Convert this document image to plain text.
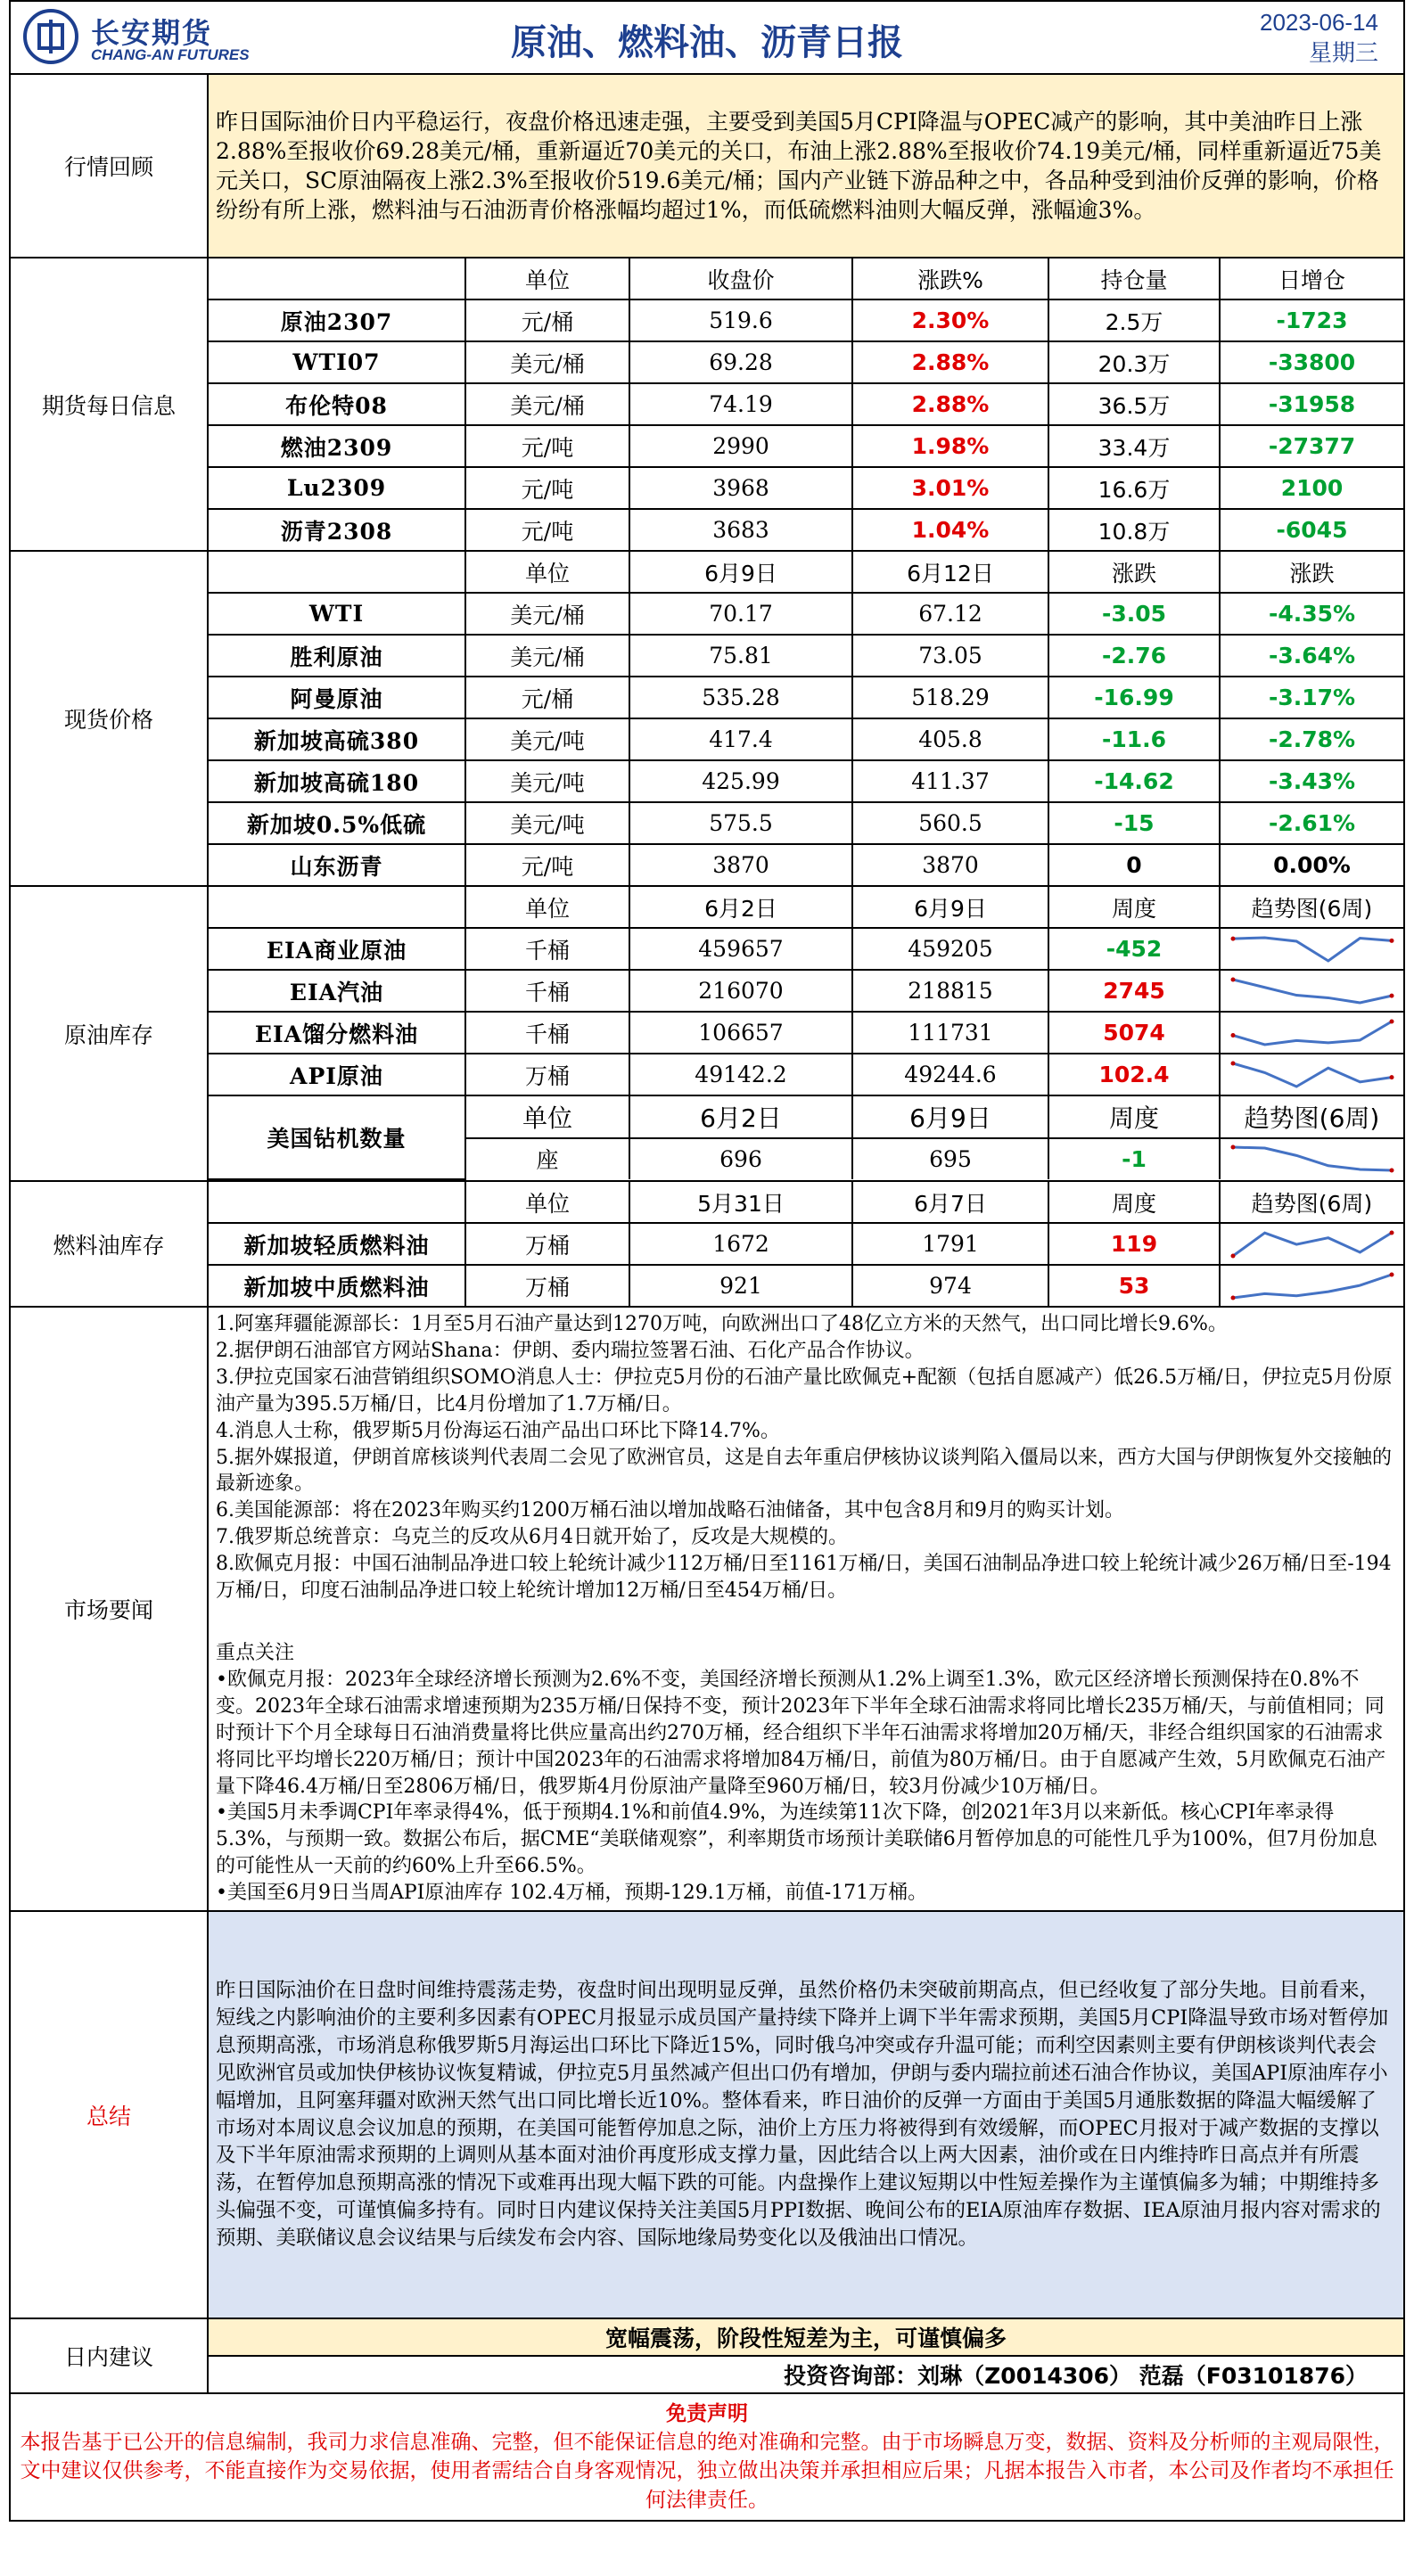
长安期货
CHANG-AN FUTURES	原油、燃料油、沥青日报	2023-06-14
星期三
行情回顾	昨日国际油价日内平稳运行，夜盘价格迅速走强，主要受到美国5月CPI降温与OPEC减产的影响，其中美油昨日上涨2.88%至报收价69.28美元/桶，重新逼近70美元的关口，布油上涨2.88%至报收价74.19美元/桶，同样重新逼近75美元关口，SC原油隔夜上涨2.3%至报收价519.6美元/桶；国内产业链下游品种之中，各品种受到油价反弹的影响，价格纷纷有所上涨，燃料油与石油沥青价格涨幅均超过1%，而低硫燃料油则大幅反弹，涨幅逾3%。
期货每日信息	
	单位	收盘价	涨跌%	持仓量	日增仓
原油2307	元/桶	519.6	2.30%	2.5万	-1723
WTI07	美元/桶	69.28	2.88%	20.3万	-33800
布伦特08	美元/桶	74.19	2.88%	36.5万	-31958
燃油2309	元/吨	2990	1.98%	33.4万	-27377
Lu2309	元/吨	3968	3.01%	16.6万	2100
沥青2308	元/吨	3683	1.04%	10.8万	-6045

现货价格	
	单位	6月9日	6月12日	涨跌	涨跌
WTI	美元/桶	70.17	67.12	-3.05	-4.35%
胜利原油	美元/桶	75.81	73.05	-2.76	-3.64%
阿曼原油	元/桶	535.28	518.29	-16.99	-3.17%
新加坡高硫380	美元/吨	417.4	405.8	-11.6	-2.78%
新加坡高硫180	美元/吨	425.99	411.37	-14.62	-3.43%
新加坡0.5%低硫	美元/吨	575.5	560.5	-15	-2.61%
山东沥青	元/吨	3870	3870	0	0.00%

原油库存	
	单位	6月2日	6月9日	周度	趋势图(6周)
EIA商业原油	千桶	459657	459205	-452	

EIA汽油	千桶	216070	218815	2745	

EIA馏分燃料油	千桶	106657	111731	5074	

API原油	万桶	49142.2	49244.6	102.4	

美国钻机数量	单位	6月2日	6月9日	周度	趋势图(6周)
座	696	695	-1	

燃料油库存	
	单位	5月31日	6月7日	周度	趋势图(6周)
新加坡轻质燃料油	万桶	1672	1791	119	

新加坡中质燃料油	万桶	921	974	53	

市场要闻	

1.阿塞拜疆能源部长：1月至5月石油产量达到1270万吨，向欧洲出口了48亿立方米的天然气，出口同比增长9.6%。

2.据伊朗石油部官方网站Shana：伊朗、委内瑞拉签署石油、石化产品合作协议。

3.伊拉克国家石油营销组织SOMO消息人士：伊拉克5月份的石油产量比欧佩克+配额（包括自愿减产）低26.5万桶/日，伊拉克5月份原油产量为395.5万桶/日，比4月份增加了1.7万桶/日。

4.消息人士称，俄罗斯5月份海运石油产品出口环比下降14.7%。

5.据外媒报道，伊朗首席核谈判代表周二会见了欧洲官员，这是自去年重启伊核协议谈判陷入僵局以来，西方大国与伊朗恢复外交接触的最新迹象。

6.美国能源部：将在2023年购买约1200万桶石油以增加战略石油储备，其中包含8月和9月的购买计划。

7.俄罗斯总统普京：乌克兰的反攻从6月4日就开始了，反攻是大规模的。

8.欧佩克月报：中国石油制品净进口较上轮统计减少112万桶/日至1161万桶/日，美国石油制品净进口较上轮统计减少26万桶/日至-194万桶/日，印度石油制品净进口较上轮统计增加12万桶/日至454万桶/日。

重点关注

•欧佩克月报：2023年全球经济增长预测为2.6%不变，美国经济增长预测从1.2%上调至1.3%，欧元区经济增长预测保持在0.8%不变。2023年全球石油需求增速预期为235万桶/日保持不变，预计2023年下半年全球石油需求将同比增长235万桶/天，与前值相同；同时预计下个月全球每日石油消费量将比供应量高出约270万桶，经合组织下半年石油需求将增加20万桶/天，非经合组织国家的石油需求将同比平均增长220万桶/日；预计中国2023年的石油需求将增加84万桶/日，前值为80万桶/日。由于自愿减产生效，5月欧佩克石油产量下降46.4万桶/日至2806万桶/日，俄罗斯4月份原油产量降至960万桶/日，较3月份减少10万桶/日。

•美国5月未季调CPI年率录得4%，低于预期4.1%和前值4.9%，为连续第11次下降，创2021年3月以来新低。核心CPI年率录得5.3%，与预期一致。数据公布后，据CME“美联储观察”，利率期货市场预计美联储6月暂停加息的可能性几乎为100%，但7月份加息的可能性从一天前的约60%上升至66.5%。

•美国至6月9日当周API原油库存 102.4万桶，预期-129.1万桶，前值-171万桶。

总结	昨日国际油价在日盘时间维持震荡走势，夜盘时间出现明显反弹，虽然价格仍未突破前期高点，但已经收复了部分失地。目前看来，短线之内影响油价的主要利多因素有OPEC月报显示成员国产量持续下降并上调下半年需求预期，美国5月CPI降温导致市场对暂停加息预期高涨，市场消息称俄罗斯5月海运出口环比下降近15%，同时俄乌冲突或存升温可能；而利空因素则主要有伊朗核谈判代表会见欧洲官员或加快伊核协议恢复精诚，伊拉克5月虽然减产但出口仍有增加，伊朗与委内瑞拉前述石油合作协议，美国API原油库存小幅增加，且阿塞拜疆对欧洲天然气出口同比增长近10%。整体看来，昨日油价的反弹一方面由于美国5月通胀数据的降温大幅缓解了市场对本周议息会议加息的预期，在美国可能暂停加息之际，油价上方压力将被得到有效缓解，而OPEC月报对于减产数据的支撑以及下半年原油需求预期的上调则从基本面对油价再度形成支撑力量，因此结合以上两大因素，油价或在日内维持昨日高点并有所震荡，在暂停加息预期高涨的情况下或难再出现大幅下跌的可能。内盘操作上建议短期以中性短差操作为主谨慎偏多为辅；中期维持多头偏强不变，可谨慎偏多持有。同时日内建议保持关注美国5月PPI数据、晚间公布的EIA原油库存数据、IEA原油月报内容对需求的预期、美联储议息会议结果与后续发布会内容、国际地缘局势变化以及俄油出口情况。
日内建议	
宽幅震荡，阶段性短差为主，可谨慎偏多
投资咨询部：刘琳（Z0014306） 范磊（F03101876）
免责声明
本报告基于已公开的信息编制，我司力求信息准确、完整，但不能保证信息的绝对准确和完整。由于市场瞬息万变，数据、资料及分析师的主观局限性，文中建议仅供参考，不能直接作为交易依据，使用者需结合自身客观情况，独立做出决策并承担相应后果；凡据本报告入市者，本公司及作者均不承担任何法律责任。
